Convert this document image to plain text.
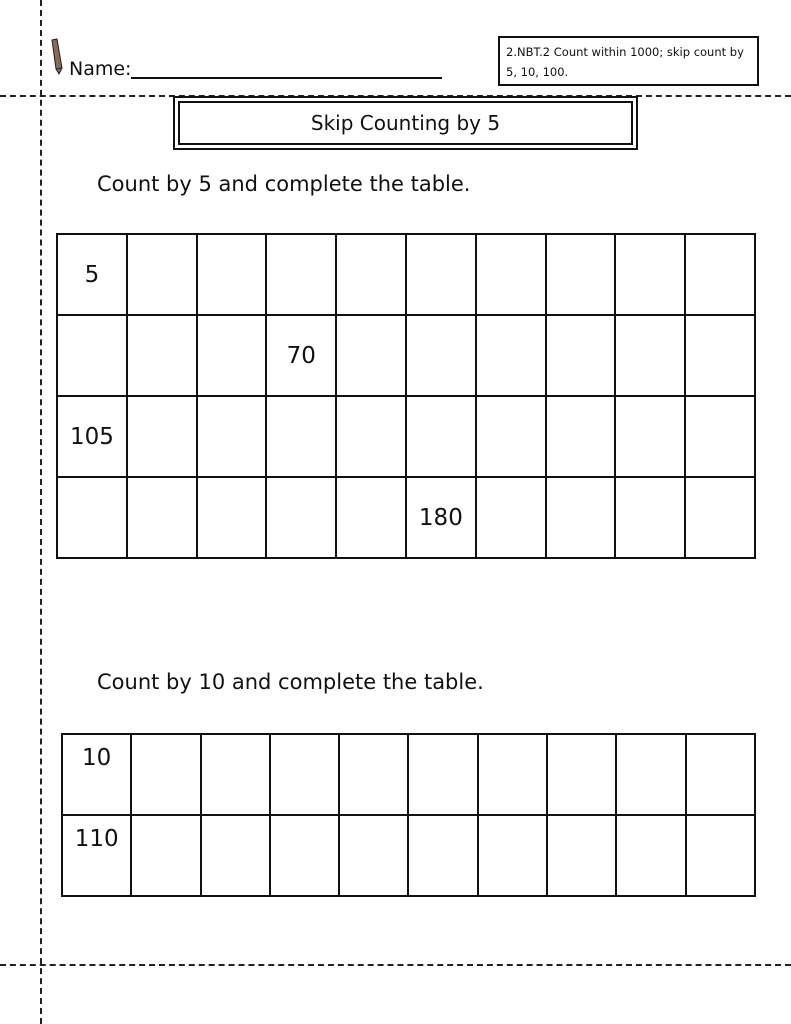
Name:
2.NBT.2 Count within 1000; skip count by 5, 10, 100.
Skip Counting by 5
Count by 5 and complete the table.
5									
			70						
105									
					180				
Count by 10 and complete the table.
10									
110									
